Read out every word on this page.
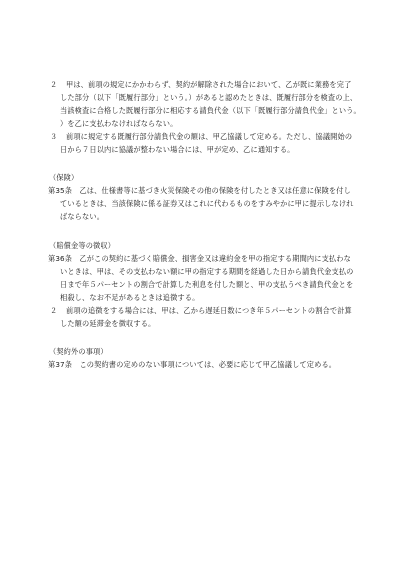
２ 甲は、前項の規定にかかわらず、契約が解除された場合において、乙が既に業務を完了
した部分（以下「既履行部分」という。）があると認めたときは、既履行部分を検査の上、
当該検査に合格した既履行部分に相応する請負代金（以下「既履行部分請負代金」という。
）を乙に支払わなければならない。
３ 前項に規定する既履行部分請負代金の額は、甲乙協議して定める。ただし、協議開始の
日から７日以内に協議が整わない場合には、甲が定め、乙に通知する。
（保険）
第35条　乙は、仕様書等に基づき火災保険その他の保険を付したとき又は任意に保険を付し
ているときは、当該保険に係る証券又はこれに代わるものをすみやかに甲に提示しなけれ
ばならない。
（賠償金等の徴収）
第36条　乙がこの契約に基づく賠償金、損害金又は違約金を甲の指定する期間内に支払わな
いときは、甲は、その支払わない額に甲の指定する期間を経過した日から請負代金支払の
日まで年５パーセントの割合で計算した利息を付した額と、甲の支払うべき請負代金とを
相殺し、なお不足があるときは追徴する。
２ 前項の追徴をする場合には、甲は、乙から遅延日数につき年５パーセントの割合で計算
した額の延滞金を徴収する。
（契約外の事項）
第37条　この契約書の定めのない事項については、必要に応じて甲乙協議して定める。
